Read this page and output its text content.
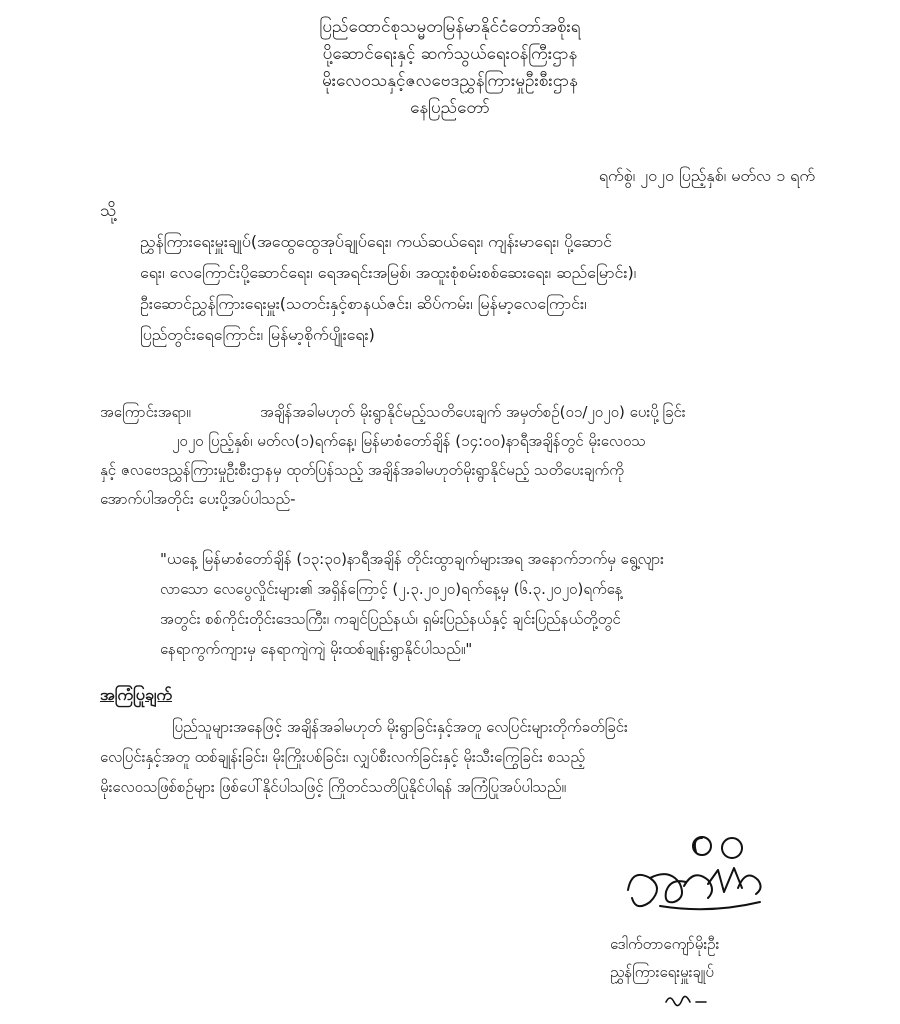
ပြည်ထောင်စုသမ္မတမြန်မာနိုင်ငံတော်အစိုးရ
ပို့ဆောင်ရေးနှင့် ဆက်သွယ်ရေးဝန်ကြီးဌာန
မိုးလေဝသနှင့်ဇလဗေဒညွှန်ကြားမှုဦးစီးဌာန
နေပြည်တော်
ရက်စွဲ၊ ၂၀၂၀ ပြည့်နှစ်၊ မတ်လ ၁ ရက်
သို့
ညွှန်ကြားရေးမှူးချုပ်(အထွေထွေအုပ်ချုပ်ရေး၊ ကယ်ဆယ်ရေး၊ ကျန်းမာရေး၊ ပို့ဆောင်
ရေး၊ လေကြောင်းပို့ဆောင်ရေး၊ ရေအရင်းအမြစ်၊ အထူးစုံစမ်းစစ်ဆေးရေး၊ ဆည်မြောင်း)၊
ဦးဆောင်ညွှန်ကြားရေးမှူး(သတင်းနှင့်စာနယ်ဇင်း၊ ဆိပ်ကမ်း၊ မြန်မာ့လေကြောင်း၊
ပြည်တွင်းရေကြောင်း၊ မြန်မာ့စိုက်ပျိုးရေး)
အကြောင်းအရာ။	အချိန်အခါမဟုတ် မိုးရွာနိုင်မည့်သတိပေးချက် အမှတ်စဉ်(၀၁/၂၀၂၀) ပေးပို့ခြင်း
၂၀၂၀ ပြည့်နှစ်၊ မတ်လ(၁)ရက်နေ့၊ မြန်မာစံတော်ချိန် (၁၄:၀၀)နာရီအချိန်တွင် မိုးလေဝသ
နှင့် ဇလဗေဒညွှန်ကြားမှုဦးစီးဌာနမှ ထုတ်ပြန်သည့် အချိန်အခါမဟုတ်မိုးရွာနိုင်မည့် သတိပေးချက်ကို
အောက်ပါအတိုင်း ပေးပို့အပ်ပါသည်-
"ယနေ့ မြန်မာစံတော်ချိန် (၁၃:၃၀)နာရီအချိန် တိုင်းထွာချက်များအရ အနောက်ဘက်မှ ရွေ့လျား
လာသော လေပွေလှိုင်းများ၏ အရှိန်ကြောင့် (၂.၃.၂၀၂၀)ရက်နေ့မှ (၆.၃.၂၀၂၀)ရက်နေ့
အတွင်း စစ်ကိုင်းတိုင်းဒေသကြီး၊ ကချင်ပြည်နယ်၊ ရှမ်းပြည်နယ်နှင့် ချင်းပြည်နယ်တို့တွင်
နေရာကွက်ကျားမှ နေရာကျဲကျဲ မိုးထစ်ချုန်းရွာနိုင်ပါသည်။"
အကြံပြုချက်
ပြည်သူများအနေဖြင့် အချိန်အခါမဟုတ် မိုးရွာခြင်းနှင့်အတူ လေပြင်းများတိုက်ခတ်ခြင်း
လေပြင်းနှင့်အတူ ထစ်ချုန်းခြင်း၊ မိုးကြိုးပစ်ခြင်း၊ လျှပ်စီးလက်ခြင်းနှင့် မိုးသီးကြွေခြင်း စသည့်
မိုးလေဝသဖြစ်စဉ်များ ဖြစ်ပေါ်နိုင်ပါသဖြင့် ကြိုတင်သတိပြုနိုင်ပါရန် အကြံပြုအပ်ပါသည်။
ဒေါက်တာကျော်မိုးဦး
ညွှန်ကြားရေးမှူးချုပ်
